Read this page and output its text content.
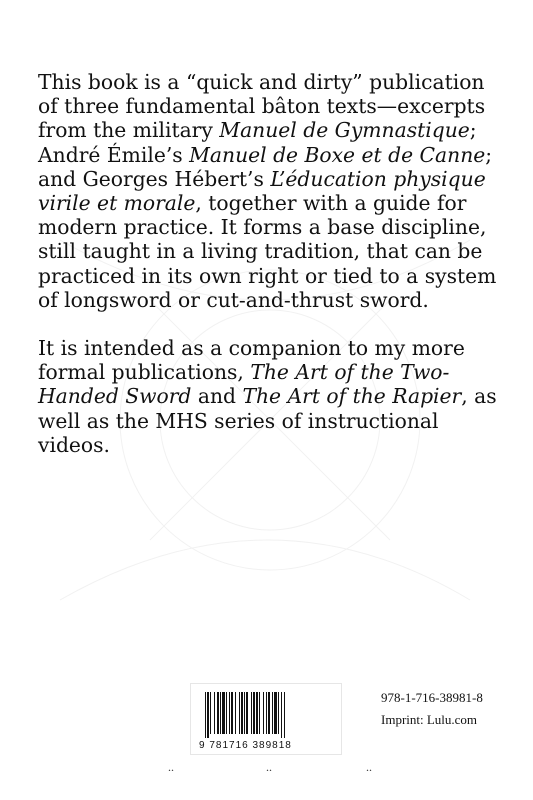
This book is a “quick and dirty” publication of three fundamental bâton texts—excerpts from the military Manuel de Gymnastique; André Émile’s Manuel de Boxe et de Canne; and Georges Hébert’s L’éducation physique virile et morale, together with a guide for modern practice. It forms a base discipline, still taught in a living tradition, that can be practiced in its own right or tied to a system of longsword or cut-and-thrust sword.

It is intended as a companion to my more formal publications, The Art of the Two-Handed Sword and The Art of the Rapier, as well as the MHS series of instructional videos.

9 781716 389818
978-1-716-38981-8
Imprint: Lulu.com
..	..	..
